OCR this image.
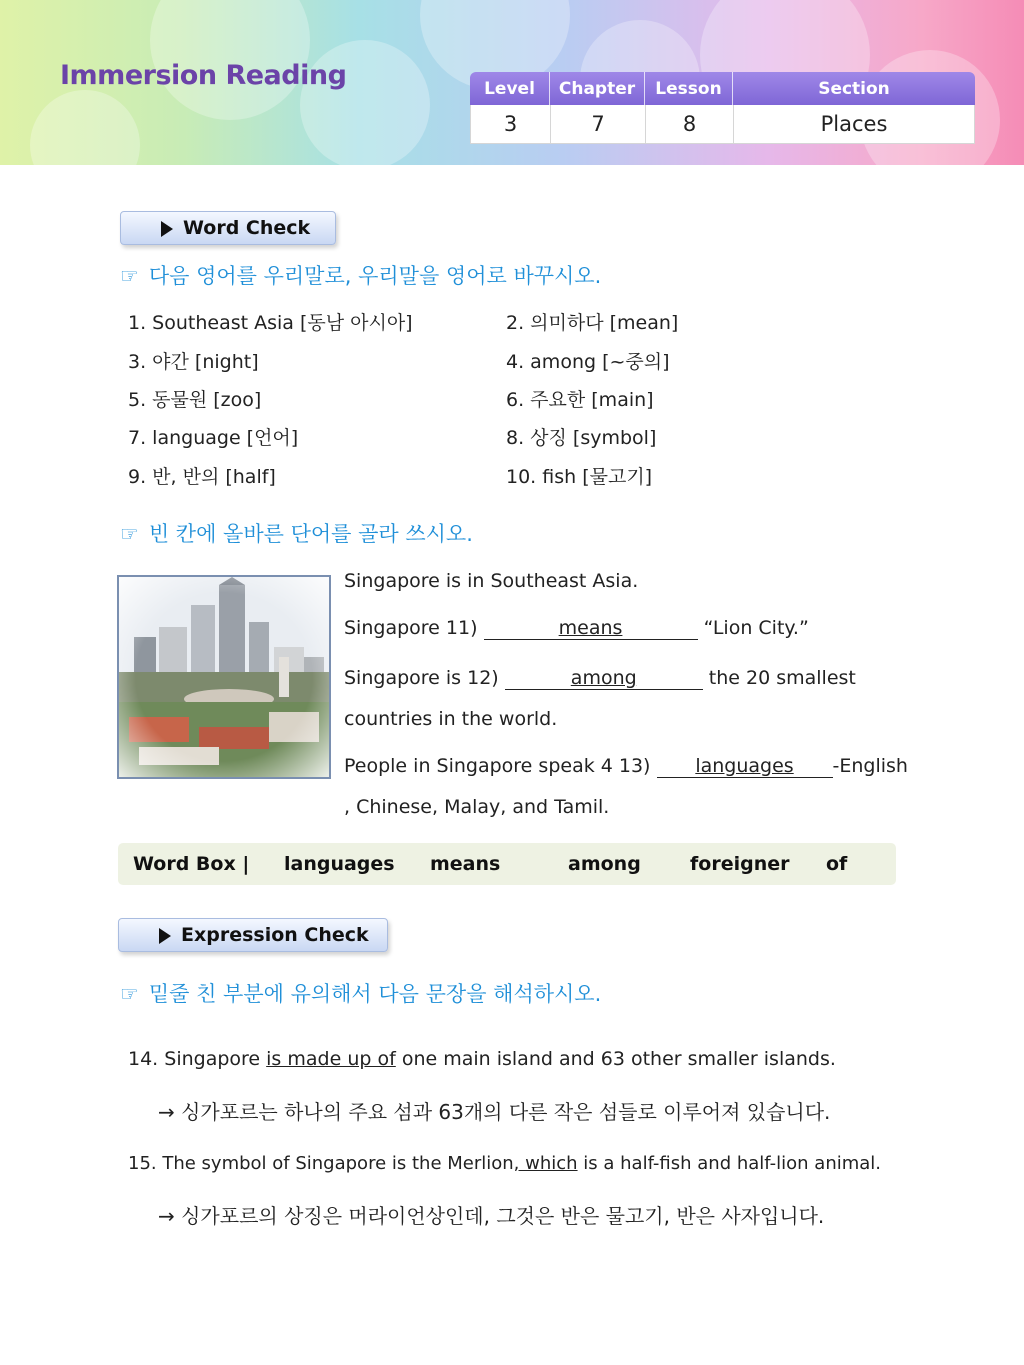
Immersion Reading	Level	Chapter	Lesson	Section
3	7	8	Places
Word Check
☞ 다음 영어를 우리말로, 우리말을 영어로 바꾸시오.
1. Southeast Asia [동남 아시아]	2. 의미하다 [mean]
3. 야간 [night]	4. among [~중의]
5. 동물원 [zoo]	6. 주요한 [main]
7. language [언어]	8. 상징 [symbol]
9. 반, 반의 [half]	10. fish [물고기]
☞ 빈 칸에 올바른 단어를 골라 쓰시오.
Singapore is in Southeast Asia.
Singapore 11)	means	“Lion City.”
Singapore is 12)	among	the 20 smallest
countries in the world.
People in Singapore speak 4 13) languages -English
, Chinese, Malay, and Tamil.
Word Box | languages means	among	foreigner of
Expression Check
☞ 밑줄 친 부분에 유의해서 다음 문장을 해석하시오.
14. Singapore is made up of one main island and 63 other smaller islands.
→ 싱가포르는 하나의 주요 섬과 63개의 다른 작은 섬들로 이루어져 있습니다.
15. The symbol of Singapore is the Merlion, which is a half-fish and half-lion animal.
→ 싱가포르의 상징은 머라이언상인데, 그것은 반은 물고기, 반은 사자입니다.
